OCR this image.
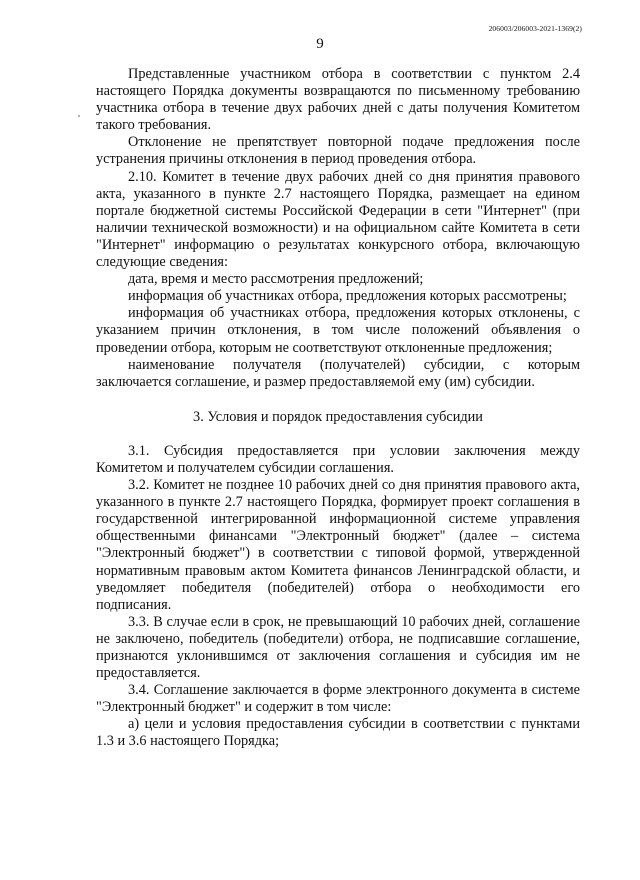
206003/206003-2021-1369(2)
9

Представленные участником отбора в соответствии с пунктом 2.4 настоящего Порядка документы возвращаются по письменному требованию участника отбора в течение двух рабочих дней с даты получения Комитетом такого требования.

Отклонение не препятствует повторной подаче предложения после устранения причины отклонения в период проведения отбора.

2.10. Комитет в течение двух рабочих дней со дня принятия правового акта, указанного в пункте 2.7 настоящего Порядка, размещает на едином портале бюджетной системы Российской Федерации в сети "Интернет" (при наличии технической возможности) и на официальном сайте Комитета в сети "Интернет" информацию о результатах конкурсного отбора, включающую следующие сведения:

дата, время и место рассмотрения предложений;

информация об участниках отбора, предложения которых рассмотрены;

информация об участниках отбора, предложения которых отклонены, с указанием причин отклонения, в том числе положений объявления о проведении отбора, которым не соответствуют отклоненные предложения;

наименование получателя (получателей) субсидии, с которым заключается соглашение, и размер предоставляемой ему (им) субсидии.

3. Условия и порядок предоставления субсидии

3.1. Субсидия предоставляется при условии заключения между Комитетом и получателем субсидии соглашения.

3.2. Комитет не позднее 10 рабочих дней со дня принятия правового акта, указанного в пункте 2.7 настоящего Порядка, формирует проект соглашения в государственной интегрированной информационной системе управления общественными финансами "Электронный бюджет" (далее – система "Электронный бюджет") в соответствии с типовой формой, утвержденной нормативным правовым актом Комитета финансов Ленинградской области, и уведомляет победителя (победителей) отбора о необходимости его подписания.

3.3. В случае если в срок, не превышающий 10 рабочих дней, соглашение не заключено, победитель (победители) отбора, не подписавшие соглашение, признаются уклонившимся от заключения соглашения и субсидия им не предоставляется.

3.4. Соглашение заключается в форме электронного документа в системе "Электронный бюджет" и содержит в том числе:

а) цели и условия предоставления субсидии в соответствии с пунктами 1.3 и 3.6 настоящего Порядка;
